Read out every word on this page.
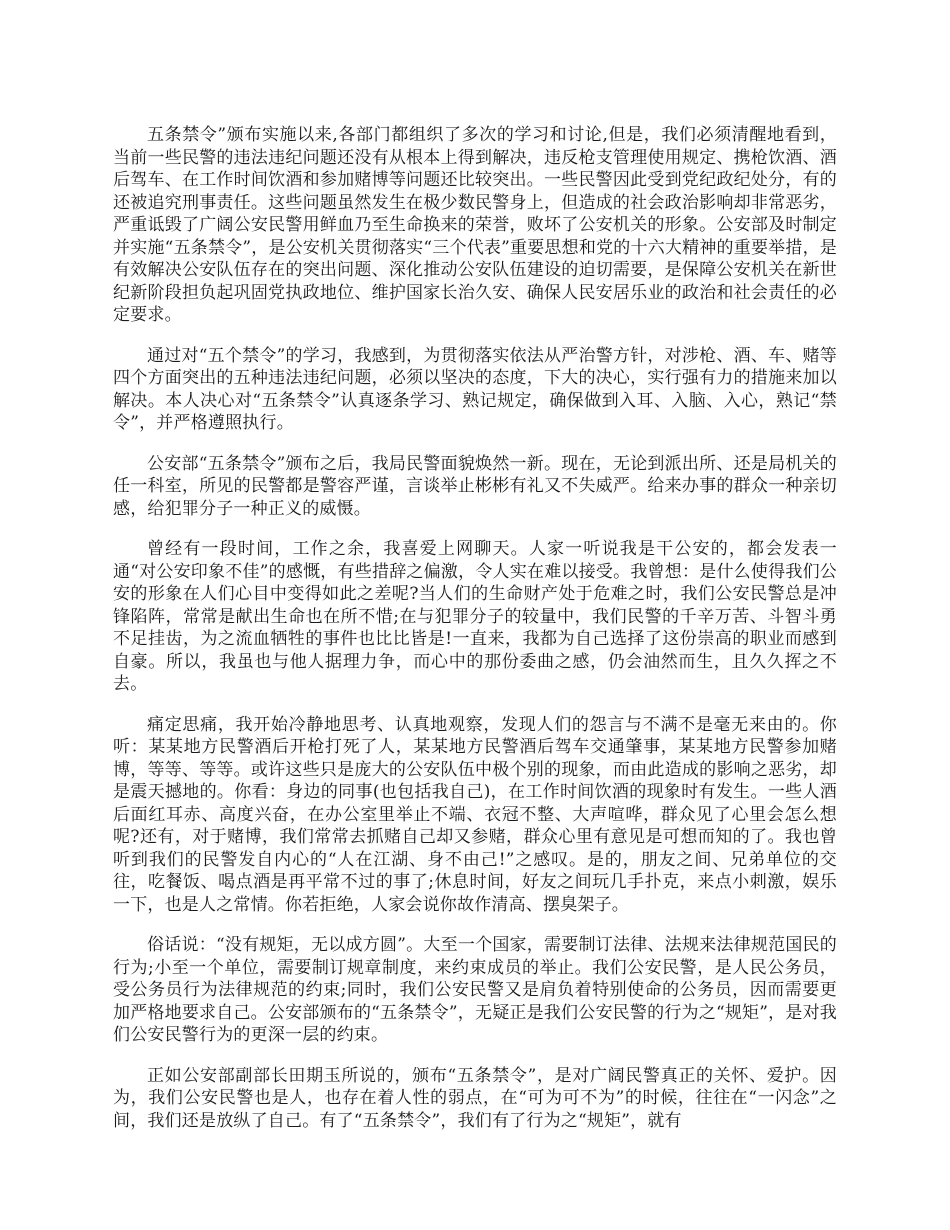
五条禁令”颁布实施以来,各部门都组织了多次的学习和讨论,但是，我们必须清醒地看到，当前一些民警的违法违纪问题还没有从根本上得到解决，违反枪支管理使用规定、携枪饮酒、酒后驾车、在工作时间饮酒和参加赌博等问题还比较突出。一些民警因此受到党纪政纪处分，有的还被追究刑事责任。这些问题虽然发生在极少数民警身上，但造成的社会政治影响却非常恶劣，严重诋毁了广阔公安民警用鲜血乃至生命换来的荣誉，败坏了公安机关的形象。公安部及时制定并实施“五条禁令”，是公安机关贯彻落实“三个代表”重要思想和党的十六大精神的重要举措，是有效解决公安队伍存在的突出问题、深化推动公安队伍建设的迫切需要，是保障公安机关在新世纪新阶段担负起巩固党执政地位、维护国家长治久安、确保人民安居乐业的政治和社会责任的必定要求。

通过对“五个禁令”的学习，我感到，为贯彻落实依法从严治警方针，对涉枪、酒、车、赌等四个方面突出的五种违法违纪问题，必须以坚决的态度，下大的决心，实行强有力的措施来加以解决。本人决心对“五条禁令”认真逐条学习、熟记规定，确保做到入耳、入脑、入心，熟记“禁令”，并严格遵照执行。

公安部“五条禁令”颁布之后，我局民警面貌焕然一新。现在，无论到派出所、还是局机关的任一科室，所见的民警都是警容严谨，言谈举止彬彬有礼又不失威严。给来办事的群众一种亲切感，给犯罪分子一种正义的威慑。

曾经有一段时间，工作之余，我喜爱上网聊天。人家一听说我是干公安的，都会发表一通“对公安印象不佳”的感慨，有些措辞之偏激，令人实在难以接受。我曾想：是什么使得我们公安的形象在人们心目中变得如此之差呢?当人们的生命财产处于危难之时，我们公安民警总是冲锋陷阵，常常是献出生命也在所不惜;在与犯罪分子的较量中，我们民警的千辛万苦、斗智斗勇不足挂齿，为之流血牺牲的事件也比比皆是!一直来，我都为自己选择了这份崇高的职业而感到自豪。所以，我虽也与他人据理力争，而心中的那份委曲之感，仍会油然而生，且久久挥之不去。

痛定思痛，我开始冷静地思考、认真地观察，发现人们的怨言与不满不是毫无来由的。你听：某某地方民警酒后开枪打死了人，某某地方民警酒后驾车交通肇事，某某地方民警参加赌博，等等、等等。或许这些只是庞大的公安队伍中极个别的现象，而由此造成的影响之恶劣，却是震天撼地的。你看：身边的同事(也包括我自己)，在工作时间饮酒的现象时有发生。一些人酒后面红耳赤、高度兴奋，在办公室里举止不端、衣冠不整、大声喧哗，群众见了心里会怎么想呢?还有，对于赌博，我们常常去抓赌自己却又参赌，群众心里有意见是可想而知的了。我也曾听到我们的民警发自内心的“人在江湖、身不由己!”之感叹。是的，朋友之间、兄弟单位的交往，吃餐饭、喝点酒是再平常不过的事了;休息时间，好友之间玩几手扑克，来点小刺激，娱乐一下，也是人之常情。你若拒绝，人家会说你故作清高、摆臭架子。

俗话说：“没有规矩，无以成方圆”。大至一个国家，需要制订法律、法规来法律规范国民的行为;小至一个单位，需要制订规章制度，来约束成员的举止。我们公安民警，是人民公务员，受公务员行为法律规范的约束;同时，我们公安民警又是肩负着特别使命的公务员，因而需要更加严格地要求自己。公安部颁布的“五条禁令”，无疑正是我们公安民警的行为之“规矩”，是对我们公安民警行为的更深一层的约束。

正如公安部副部长田期玉所说的，颁布“五条禁令”，是对广阔民警真正的关怀、爱护。因为，我们公安民警也是人，也存在着人性的弱点，在“可为可不为”的时候，往往在“一闪念”之间，我们还是放纵了自己。有了“五条禁令”，我们有了行为之“规矩”，就有
